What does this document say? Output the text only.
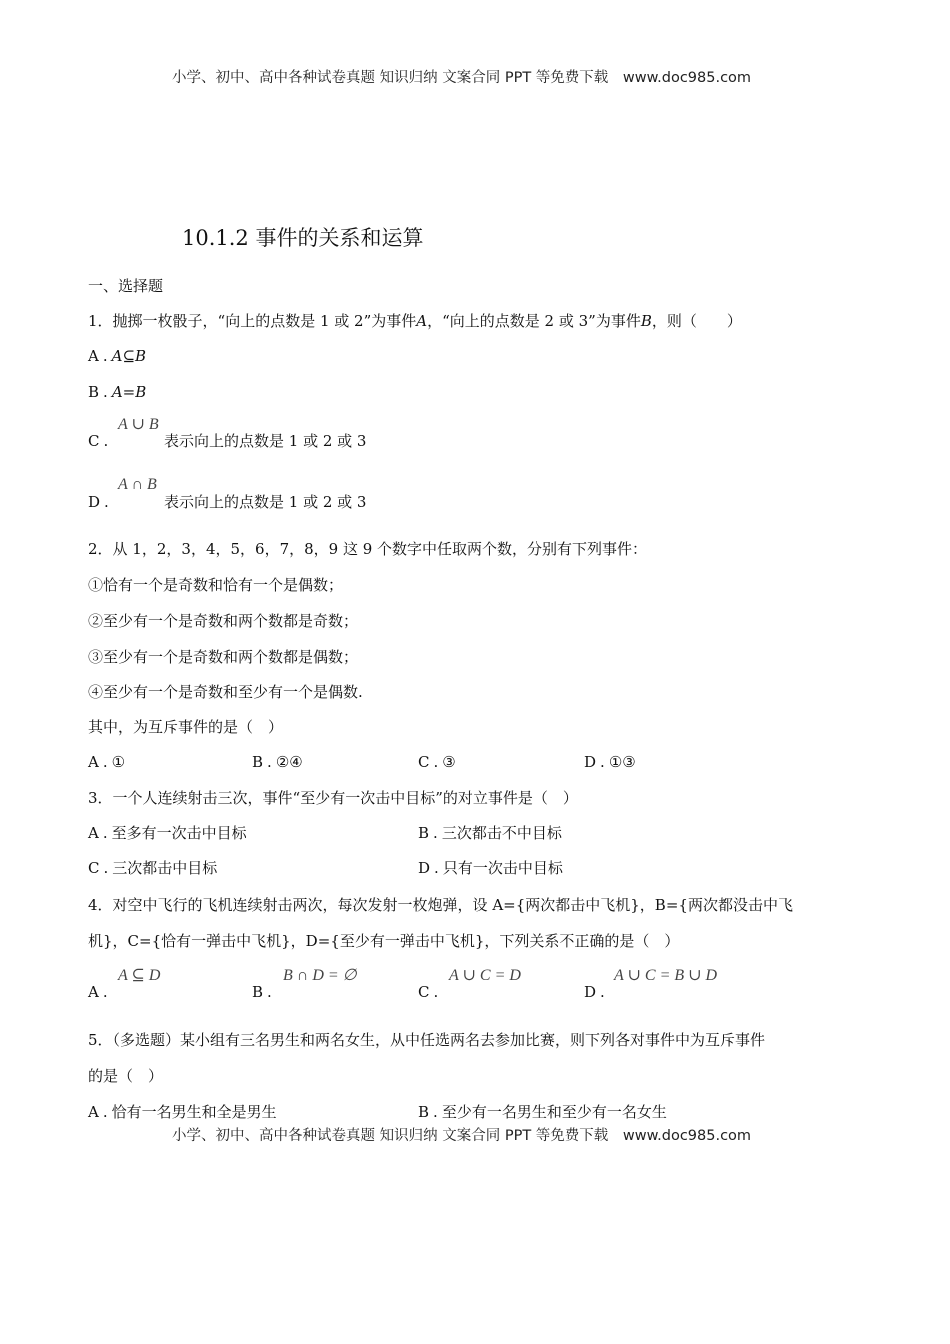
小学、初中、高中各种试卷真题 知识归纳 文案合同 PPT 等免费下载 www.doc985.com
10.1.2 事件的关系和运算
一、选择题
1．抛掷一枚骰子，“向上的点数是 1 或 2”为事件A，“向上的点数是 2 或 3”为事件B，则（　　）
A . A⊆B
B . A=B
C .
A ∪ B
表示向上的点数是 1 或 2 或 3
D .
A ∩ B
表示向上的点数是 1 或 2 或 3
2．从 1，2，3，4，5，6，7，8，9 这 9 个数字中任取两个数，分别有下列事件：
①恰有一个是奇数和恰有一个是偶数；
②至少有一个是奇数和两个数都是奇数；
③至少有一个是奇数和两个数都是偶数；
④至少有一个是奇数和至少有一个是偶数.
其中，为互斥事件的是（　）
A . ①	B . ②④	C . ③	D . ①③
3．一个人连续射击三次，事件“至少有一次击中目标”的对立事件是（　）
A . 至多有一次击中目标	B . 三次都击不中目标
C . 三次都击中目标	D . 只有一次击中目标
4．对空中飞行的飞机连续射击两次，每次发射一枚炮弹，设 A={两次都击中飞机}，B={两次都没击中飞
机}，C={恰有一弹击中飞机}，D={至少有一弹击中飞机}，下列关系不正确的是（　）
A .
A ⊆ D
B .
B ∩ D = ∅
C .
A ∪ C = D
D .
A ∪ C = B ∪ D
5．（多选题）某小组有三名男生和两名女生，从中任选两名去参加比赛，则下列各对事件中为互斥事件
的是（　）
A . 恰有一名男生和全是男生	B . 至少有一名男生和至少有一名女生
小学、初中、高中各种试卷真题 知识归纳 文案合同 PPT 等免费下载 www.doc985.com
